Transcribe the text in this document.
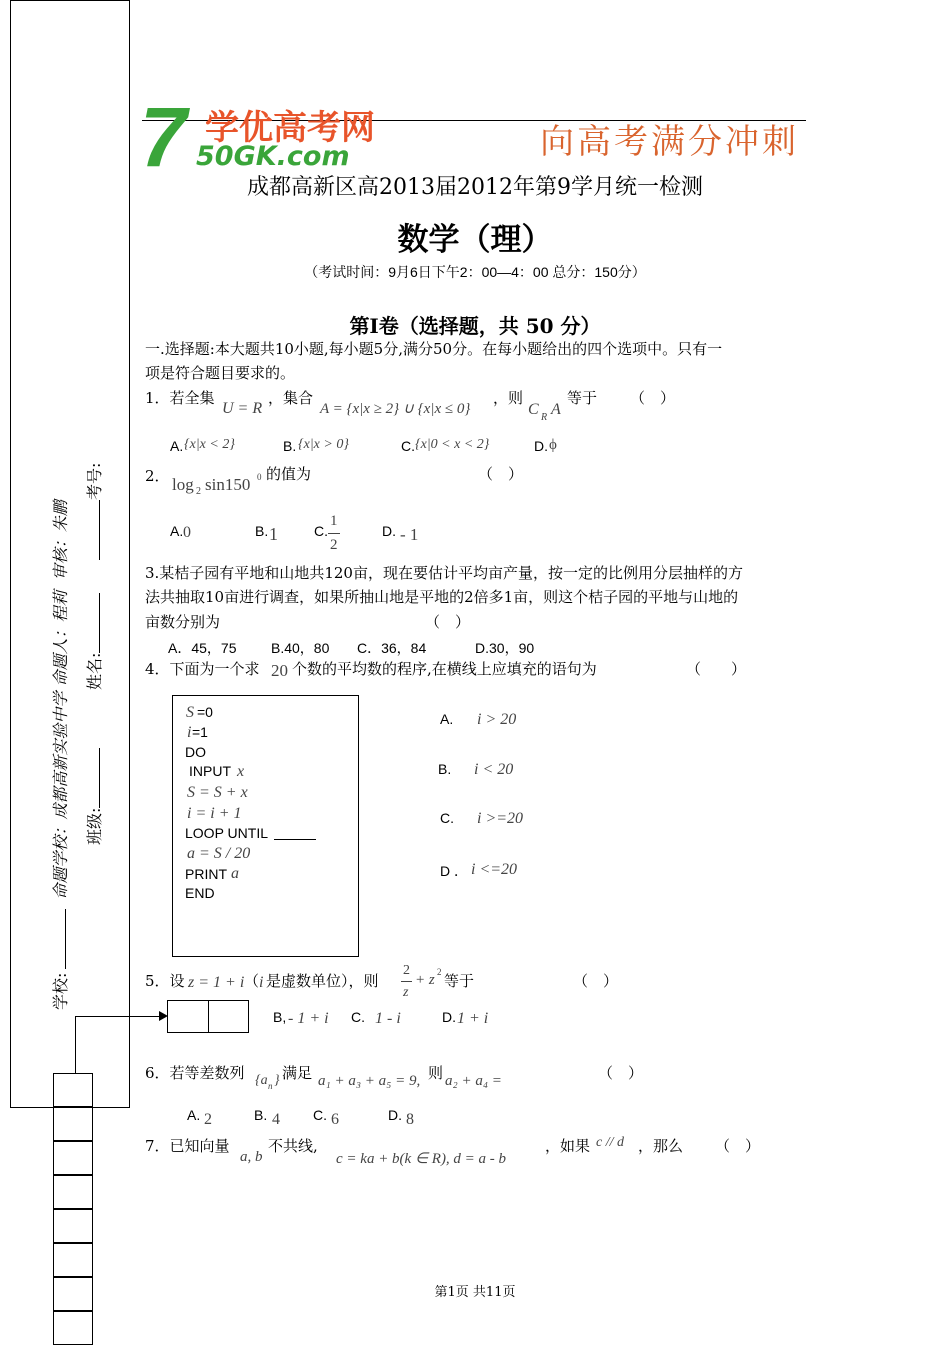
学校: 命题学校：成都高新实验中学 命题人：程莉  审核：朱鹏
班级:
姓名:
考号:
7 学优高考网
50GK.com	向高考满分冲刺
成都高新区高2013届2012年第9学月统一检测
数学（理）
（考试时间：9月6日下午2：00—4：00 总分：150分）
第Ⅰ卷（选择题，共 50 分）
一.选择题:本大题共10小题,每小题5分,满分50分。在每小题给出的四个选项中。只有一
项是符合题目要求的。
1．若全集
U = R
，集合
A = {x|x ≥ 2} ∪ {x|x ≤ 0}
，则
C R A
等于 （　）
A. {x|x < 2}	B. {x|x > 0}	C. {x|0 < x < 2}	D. ϕ
2． log 2 sin150 0 的值为	（　）
A. 0	B. 1	C.
1
2
D. - 1
3.某桔子园有平地和山地共120亩，现在要估计平均亩产量，按一定的比例用分层抽样的方
法共抽取10亩进行调查，如果所抽山地是平地的2倍多1亩，则这个桔子园的平地与山地的
亩数分别为	（　）
A．45，75 B.40，80 C．36，84	D.30，90
4．下面为一个求 20 个数的平均数的程序,在横线上应填充的语句为	（　　）
S =0
i =1
DO
INPUT x
S = S + x
i = i + 1
LOOP UNTIL
a = S / 20
PRINT a
END
A. i > 20
B. i < 20
C. i >=20
D ． i <=20
5．设 z = 1 + i （ i 是虚数单位），则
2
z
+ z 2 等于	（　）
B, - 1 + i C. 1 - i	D. 1 + i
6．若等差数列 {a n } 满足 a₁ + a₃ + a₅ = 9, 则 a₂ + a₄ =	（　）
A. 2	B. 4 C. 6	D. 8
7．已知向量
a, b
不共线,
c = ka + b(k ∈ R), d = a - b
，如果 c // d ，那么 （　）
第1页 共11页
